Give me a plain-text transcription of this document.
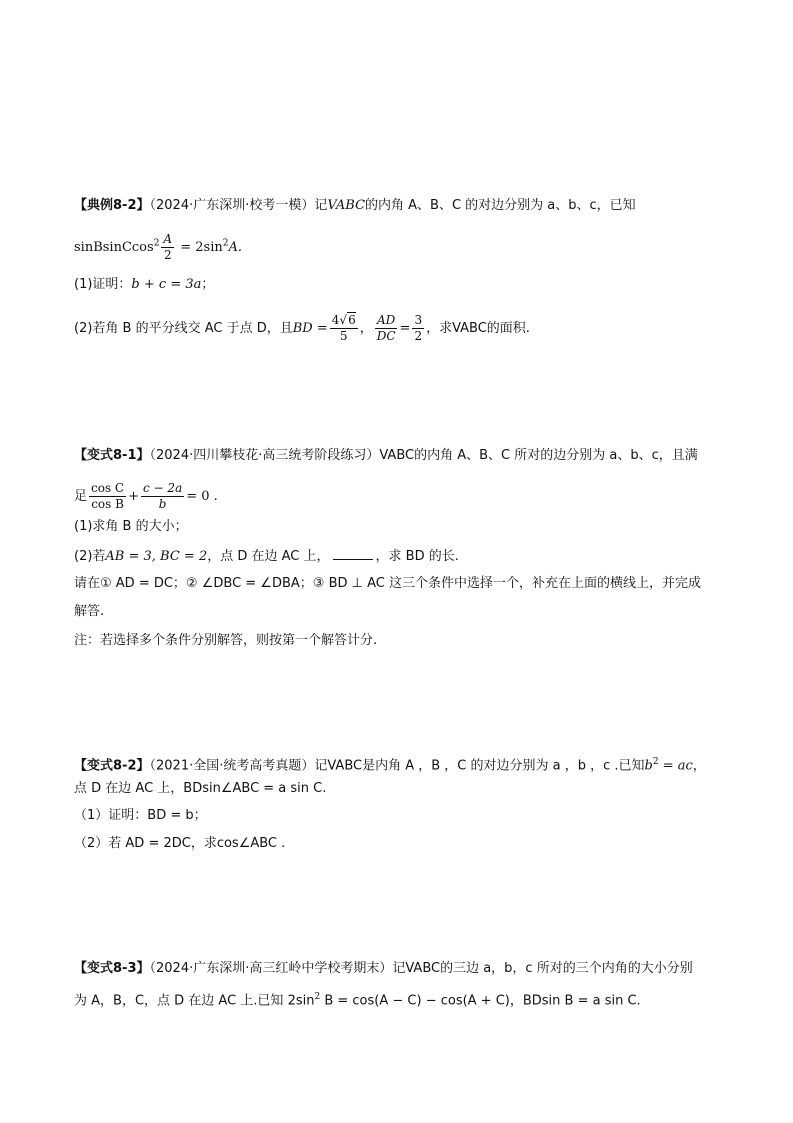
【典例8-2】（2024·广东深圳·校考一模）记VABC的内角 A、B、C 的对边分别为 a、b、c，已知
sinBsinCcos$^2$ $\frac{A}{2} = 2\sin^2A$.
(1)证明：b + c = 3a；
(2)若角 B 的平分线交 AC 于点 D，且BD = $\frac{4√6}{5}$ ， $\frac{AD}{DC} = \frac{3}{2}$ ，求VABC的面积.
【变式8-1】（2024·四川攀枝花·高三统考阶段练习）VABC的内角 A、B、C 所对的边分别为 a、b、c，且满
足 $\frac{\text{cos C}}{\text{cos B}} + \frac{c - 2a}{b} = 0$ .
(1)求角 B 的大小；
(2)若AB = 3, BC = 2，点 D 在边 AC 上，	，求 BD 的长.
请在① AD = DC；② ∠DBC = ∠DBA；③ BD ⊥ AC 这三个条件中选择一个，补充在上面的横线上，并完成
解答.
注：若选择多个条件分别解答，则按第一个解答计分.
【变式8-2】（2021·全国·统考高考真题）记VABC是内角 A ，B ，C 的对边分别为 a ，b ，c .已知$b^2$ = ac，
点 D 在边 AC 上，BDsin∠ABC = a sin C.
（1）证明：BD = b；
（2）若 AD = 2DC，求cos∠ABC .
【变式8-3】（2024·广东深圳·高三红岭中学校考期末）记VABC的三边 a，b，c 所对的三个内角的大小分别
为 A，B，C，点 D 在边 AC 上.已知 $2\sin^2$ B = cos(A − C) − cos(A + C)，BDsin B = a sin C.
